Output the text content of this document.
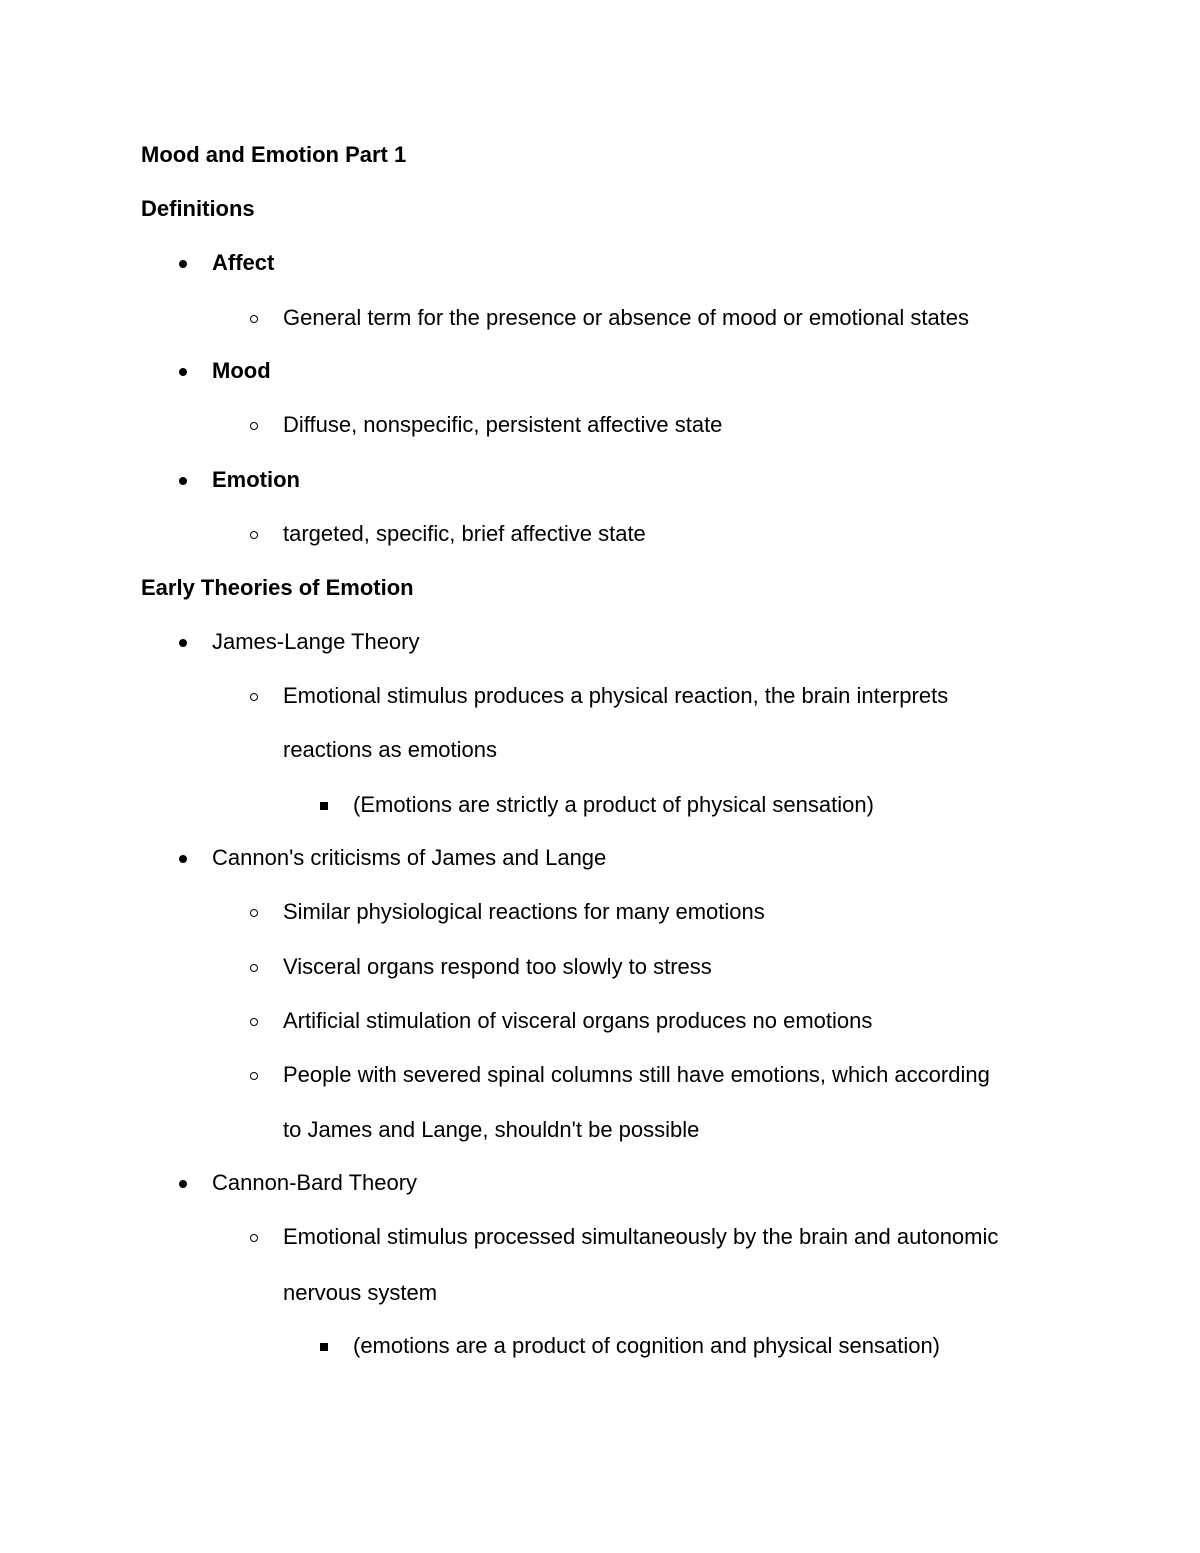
Mood and Emotion Part 1
Definitions
Affect
General term for the presence or absence of mood or emotional states
Mood
Diffuse, nonspecific, persistent affective state
Emotion
targeted, specific, brief affective state
Early Theories of Emotion
James-Lange Theory
Emotional stimulus produces a physical reaction, the brain interprets
reactions as emotions
(Emotions are strictly a product of physical sensation)
Cannon's criticisms of James and Lange
Similar physiological reactions for many emotions
Visceral organs respond too slowly to stress
Artificial stimulation of visceral organs produces no emotions
People with severed spinal columns still have emotions, which according
to James and Lange, shouldn't be possible
Cannon-Bard Theory
Emotional stimulus processed simultaneously by the brain and autonomic
nervous system
(emotions are a product of cognition and physical sensation)
